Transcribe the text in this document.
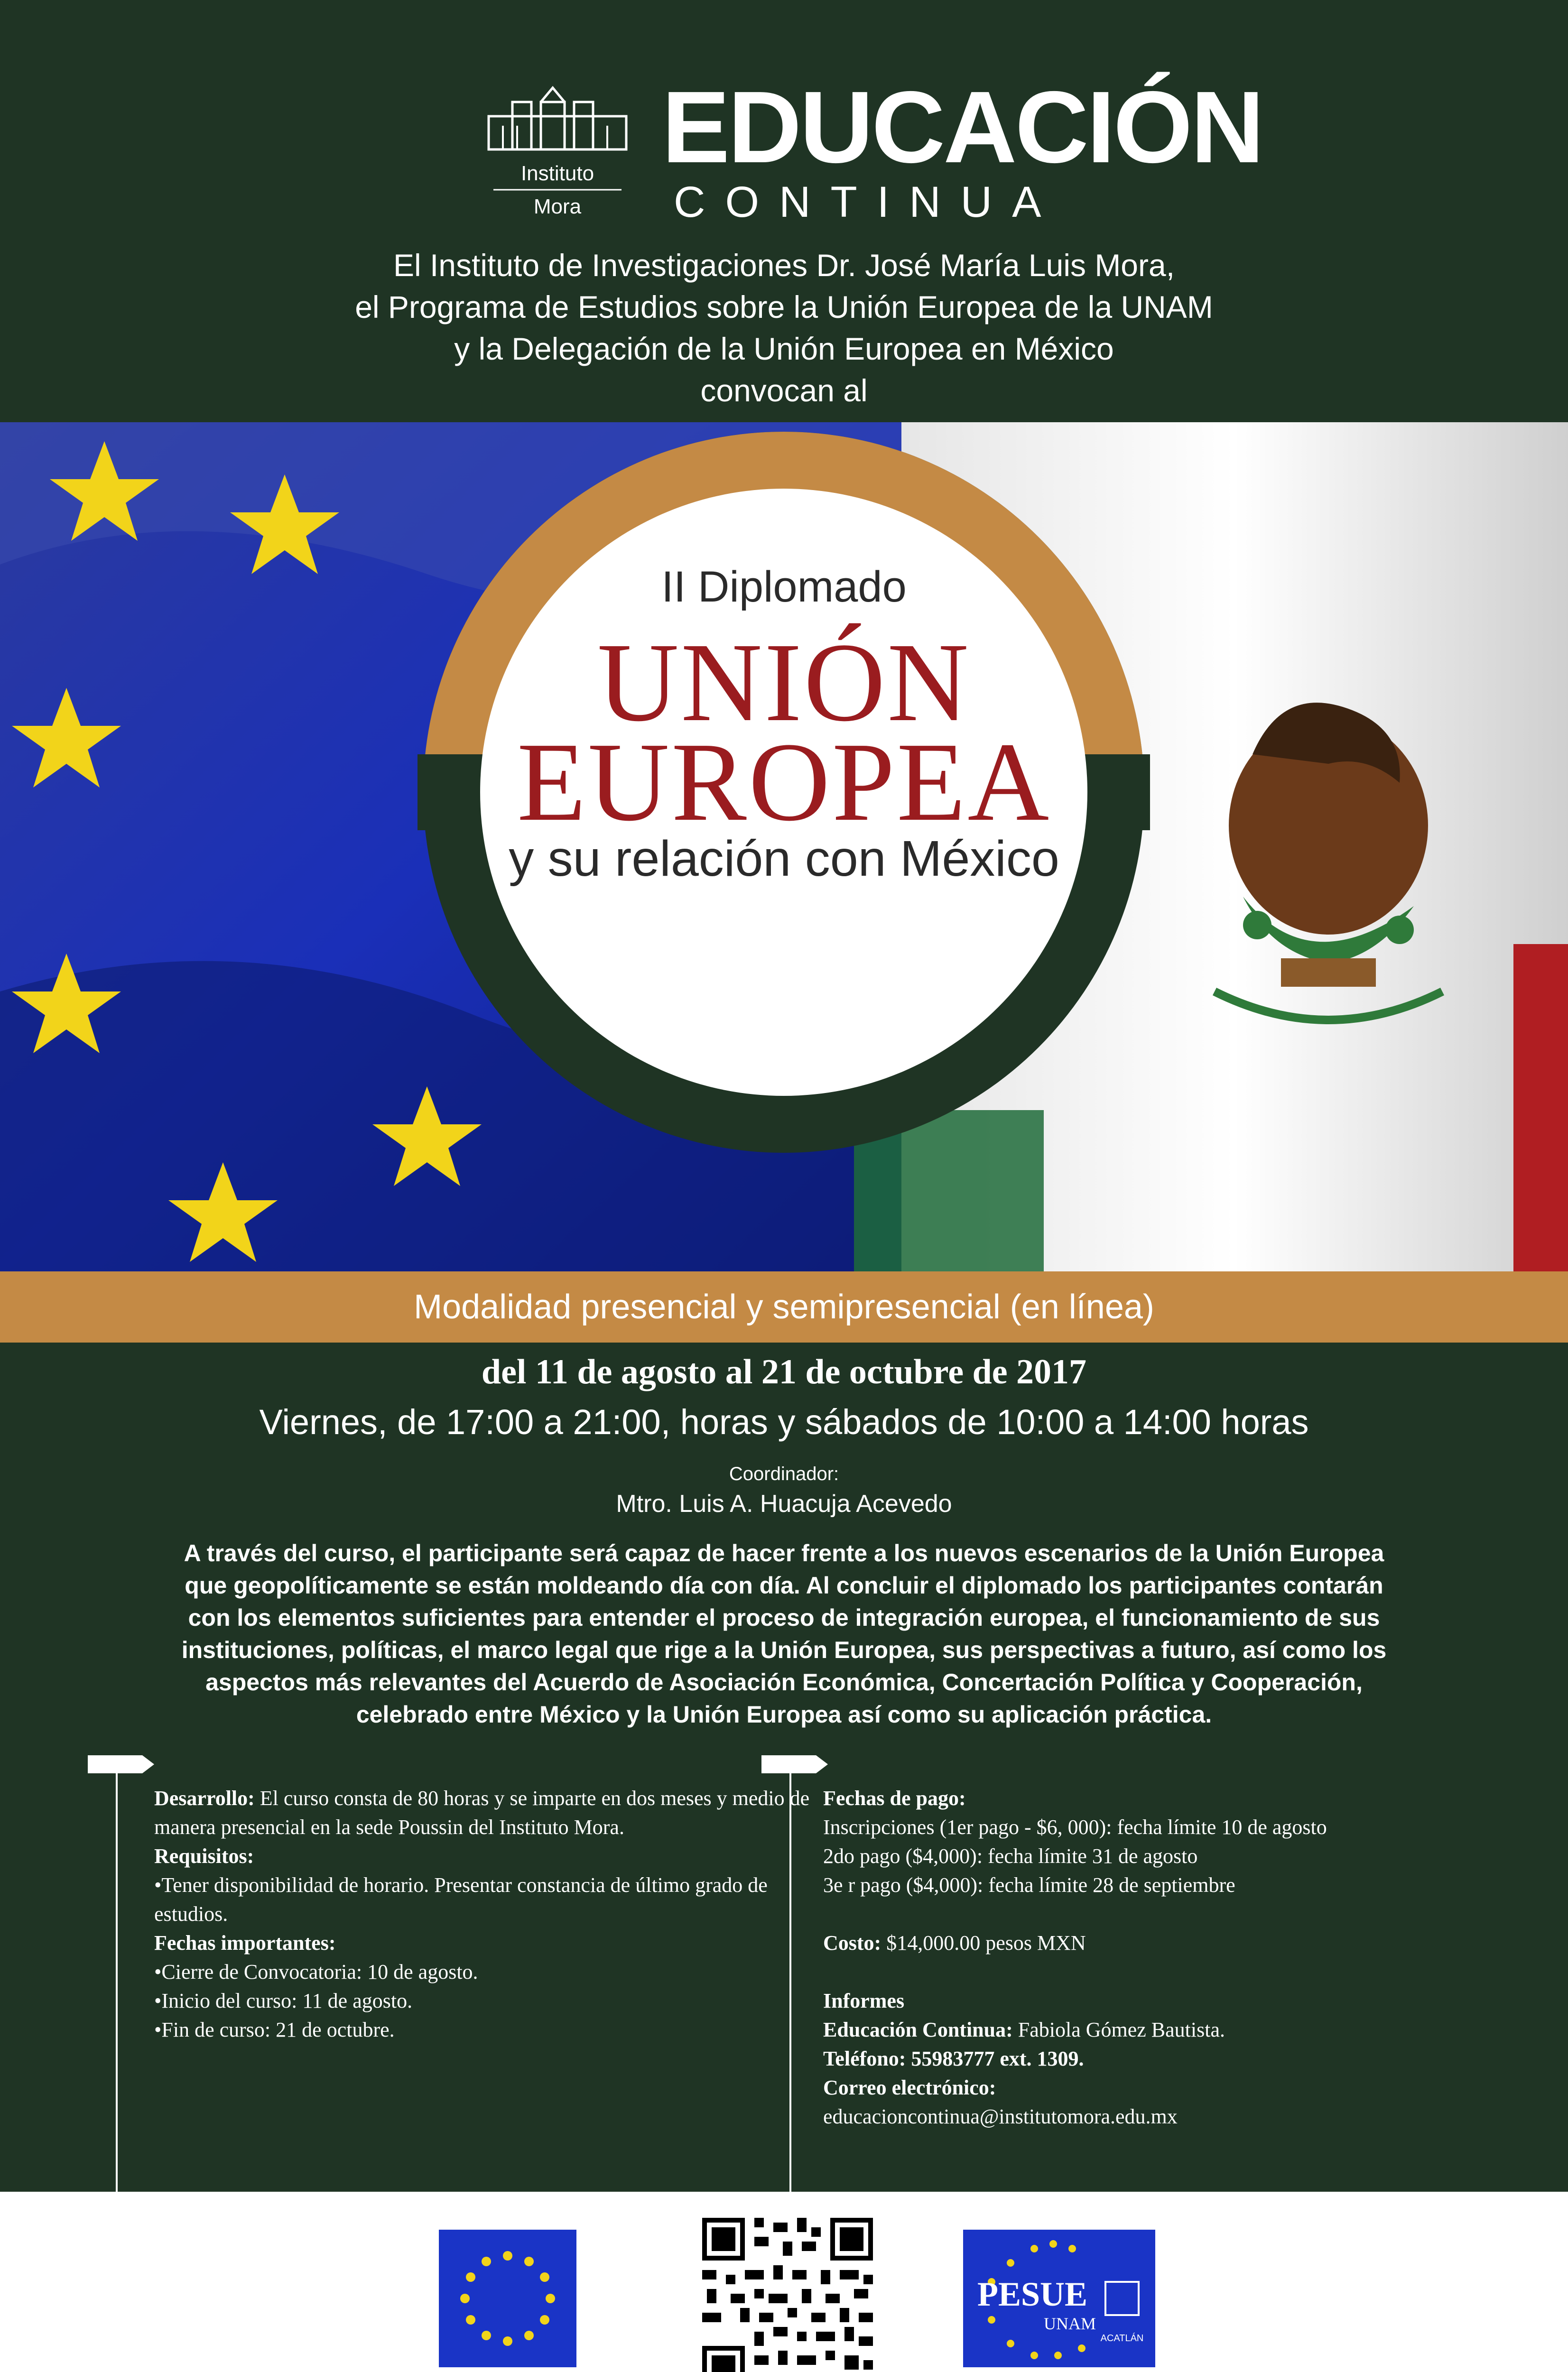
Instituto
Mora
EDUCACIÓN
CONTINUA
El Instituto de Investigaciones Dr. José María Luis Mora,
el Programa de Estudios sobre la Unión Europea de la UNAM
y la Delegación de la Unión Europea en México
convocan al
II Diplomado
UNIÓN
EUROPEA
y su relación con México
Modalidad presencial y semipresencial (en línea)
del 11 de agosto al 21 de octubre de 2017
Viernes, de 17:00 a 21:00, horas y sábados de 10:00 a 14:00 horas
Coordinador:
Mtro. Luis A. Huacuja Acevedo
A través del curso, el participante será capaz de hacer frente a los nuevos escenarios de la Unión Europea que geopolíticamente se están moldeando día con día. Al concluir el diplomado los participantes contarán con los elementos suficientes para entender el proceso de integración europea, el funcionamiento de sus instituciones, políticas, el marco legal que rige a la Unión Europea, sus perspectivas a futuro, así como los aspectos más relevantes del Acuerdo de Asociación Económica, Concertación Política y Cooperación, celebrado entre México y la Unión Europea así como su aplicación práctica.
Desarrollo: El curso consta de 80 horas y se imparte en dos meses y medio de manera presencial en la sede Poussin del Instituto Mora.
Requisitos:
•Tener disponibilidad de horario. Presentar constancia de último grado de estudios.
Fechas importantes:
•Cierre de Convocatoria: 10 de agosto.
•Inicio del curso: 11 de agosto.
•Fin de curso: 21 de octubre.
Fechas de pago:
Inscripciones (1er pago - $6, 000): fecha límite 10 de agosto
2do pago ($4,000): fecha límite 31 de agosto
3e r pago ($4,000): fecha límite 28 de septiembre
Costo: $14,000.00 pesos MXN
Informes
Educación Continua: Fabiola Gómez Bautista.
Teléfono: 55983777 ext. 1309.
Correo electrónico:
educacioncontinua@institutomora.edu.mx
PESUE
UNAM
ACATLÁN
